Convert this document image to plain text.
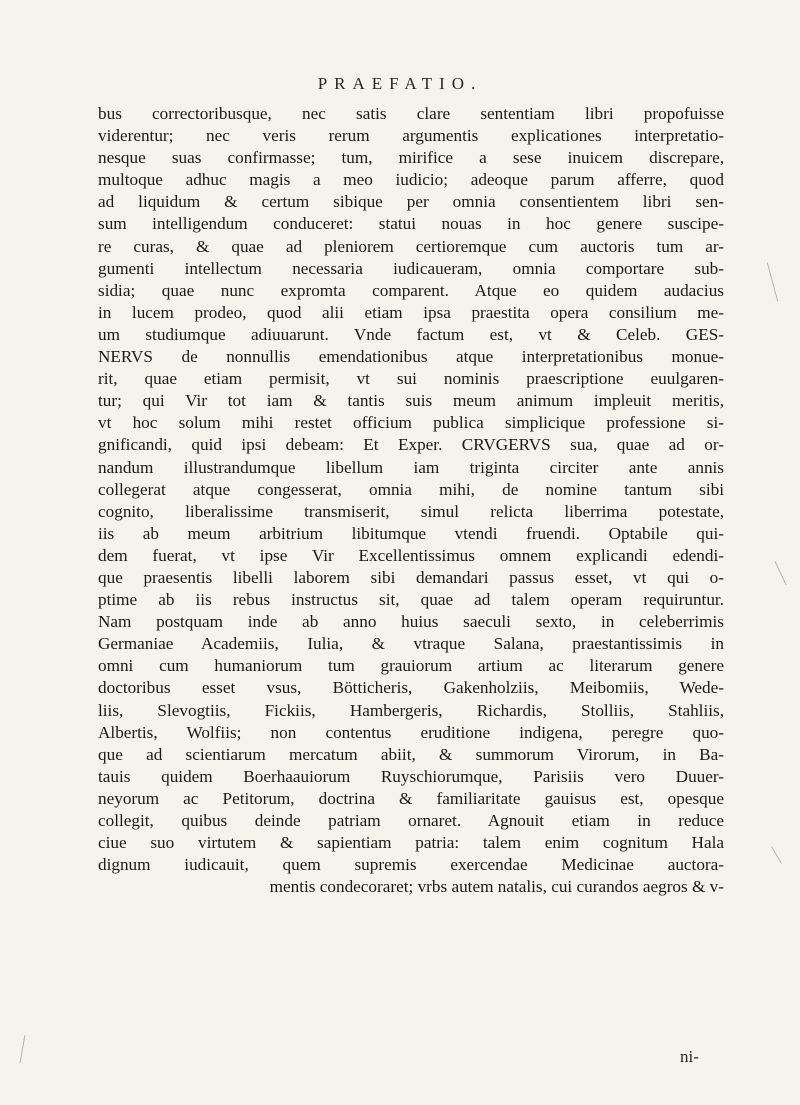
PRAEFATIO.
bus correctoribusque, nec satis clare sententiam libri propofuisse
viderentur; nec veris rerum argumentis explicationes interpretatio-
nesque suas confirmasse; tum, mirifice a sese inuicem discrepare,
multoque adhuc magis a meo iudicio; adeoque parum afferre, quod
ad liquidum & certum sibique per omnia consentientem libri sen-
sum intelligendum conduceret: statui nouas in hoc genere suscipe-
re curas, & quae ad pleniorem certioremque cum auctoris tum ar-
gumenti intellectum necessaria iudicaueram, omnia comportare sub-
sidia; quae nunc expromta comparent. Atque eo quidem audacius
in lucem prodeo, quod alii etiam ipsa praestita opera consilium me-
um studiumque adiuuarunt. Vnde factum est, vt & Celeb. GES-
NERVS de nonnullis emendationibus atque interpretationibus monue-
rit, quae etiam permisit, vt sui nominis praescriptione euulgaren-
tur; qui Vir tot iam & tantis suis meum animum impleuit meritis,
vt hoc solum mihi restet officium publica simplicique professione si-
gnificandi, quid ipsi debeam: Et Exper. CRVGERVS sua, quae ad or-
nandum illustrandumque libellum iam triginta circiter ante annis
collegerat atque congesserat, omnia mihi, de nomine tantum sibi
cognito, liberalissime transmiserit, simul relicta liberrima potestate,
iis ab meum arbitrium libitumque vtendi fruendi. Optabile qui-
dem fuerat, vt ipse Vir Excellentissimus omnem explicandi edendi-
que praesentis libelli laborem sibi demandari passus esset, vt qui o-
ptime ab iis rebus instructus sit, quae ad talem operam requiruntur.
Nam postquam inde ab anno huius saeculi sexto, in celeberrimis
Germaniae Academiis, Iulia, & vtraque Salana, praestantissimis in
omni cum humaniorum tum grauiorum artium ac literarum genere
doctoribus esset vsus, Bötticheris, Gakenholziis, Meibomiis, Wede-
liis, Slevogtiis, Fickiis, Hambergeris, Richardis, Stolliis, Stahliis,
Albertis, Wolfiis; non contentus eruditione indigena, peregre quo-
que ad scientiarum mercatum abiit, & summorum Virorum, in Ba-
tauis quidem Boerhaauiorum Ruyschiorumque, Parisiis vero Duuer-
neyorum ac Petitorum, doctrina & familiaritate gauisus est, opesque
collegit, quibus deinde patriam ornaret. Agnouit etiam in reduce
ciue suo virtutem & sapientiam patria: talem enim cognitum Hala
dignum iudicauit, quem supremis exercendae Medicinae auctora-
mentis condecoraret; vrbs autem natalis, cui curandos aegros & v-
ni-
